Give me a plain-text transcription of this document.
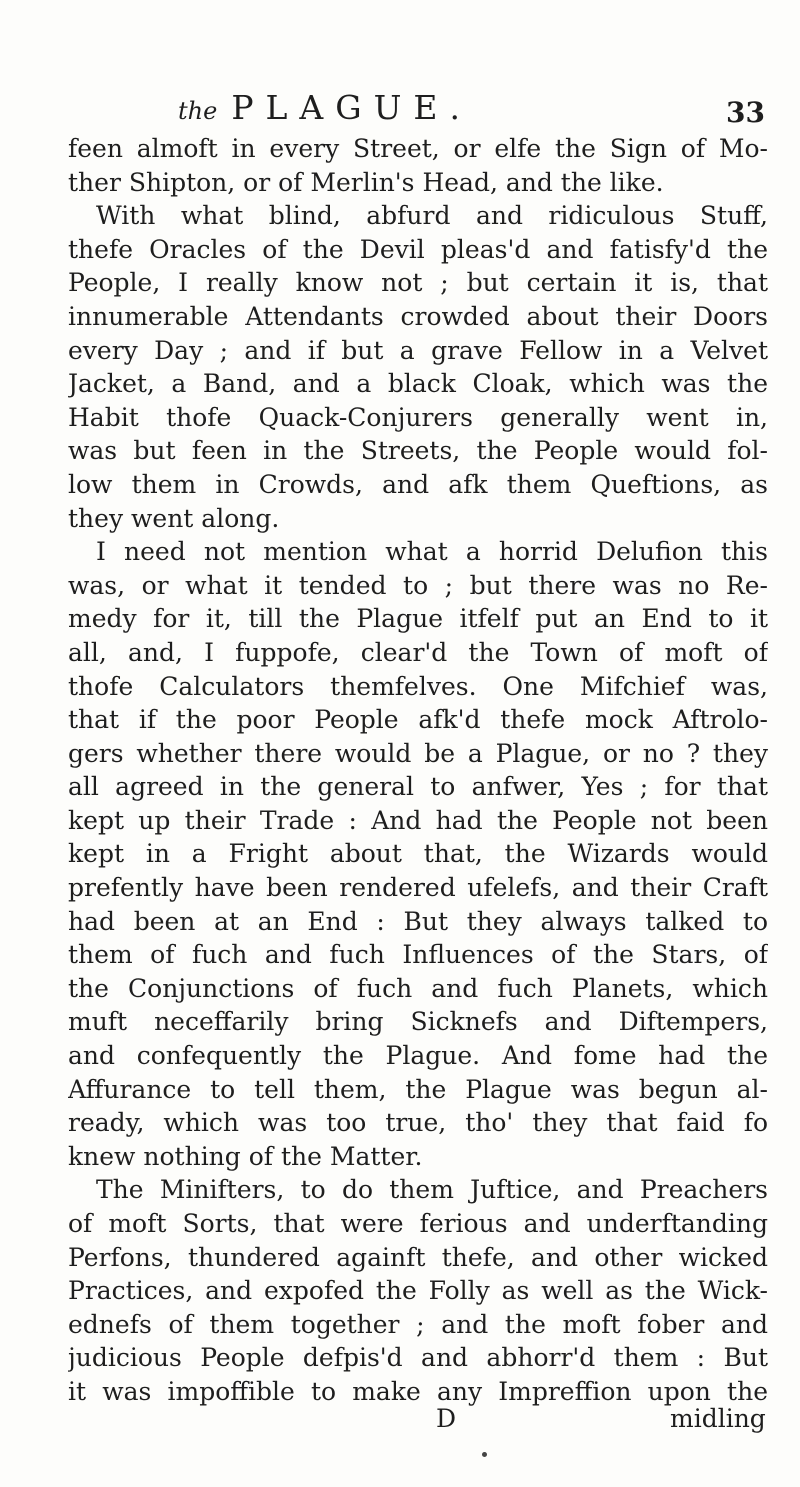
the PLAGUE.	33
feen almoft in every Street, or elfe the Sign of Mo-
ther Shipton, or of Merlin's Head, and the like.
With what blind, abfurd and ridiculous Stuff,
thefe Oracles of the Devil pleas'd and fatisfy'd the
People, I really know not ; but certain it is, that
innumerable Attendants crowded about their Doors
every Day ; and if but a grave Fellow in a Velvet
Jacket, a Band, and a black Cloak, which was the
Habit thofe Quack-Conjurers generally went in,
was but feen in the Streets, the People would fol-
low them in Crowds, and afk them Queftions, as
they went along.
I need not mention what a horrid Delufion this
was, or what it tended to ; but there was no Re-
medy for it, till the Plague itfelf put an End to it
all, and, I fuppofe, clear'd the Town of moft of
thofe Calculators themfelves. One Mifchief was,
that if the poor People afk'd thefe mock Aftrolo-
gers whether there would be a Plague, or no ? they
all agreed in the general to anfwer, Yes ; for that
kept up their Trade : And had the People not been
kept in a Fright about that, the Wizards would
prefently have been rendered ufelefs, and their Craft
had been at an End : But they always talked to
them of fuch and fuch Influences of the Stars, of
the Conjunctions of fuch and fuch Planets, which
muft neceffarily bring Sicknefs and Diftempers,
and confequently the Plague. And fome had the
Affurance to tell them, the Plague was begun al-
ready, which was too true, tho' they that faid fo
knew nothing of the Matter.
The Minifters, to do them Juftice, and Preachers
of moft Sorts, that were ferious and underftanding
Perfons, thundered againft thefe, and other wicked
Practices, and expofed the Folly as well as the Wick-
ednefs of them together ; and the moft fober and
judicious People defpis'd and abhorr'd them : But
it was impoffible to make any Impreffion upon the
D	midling
